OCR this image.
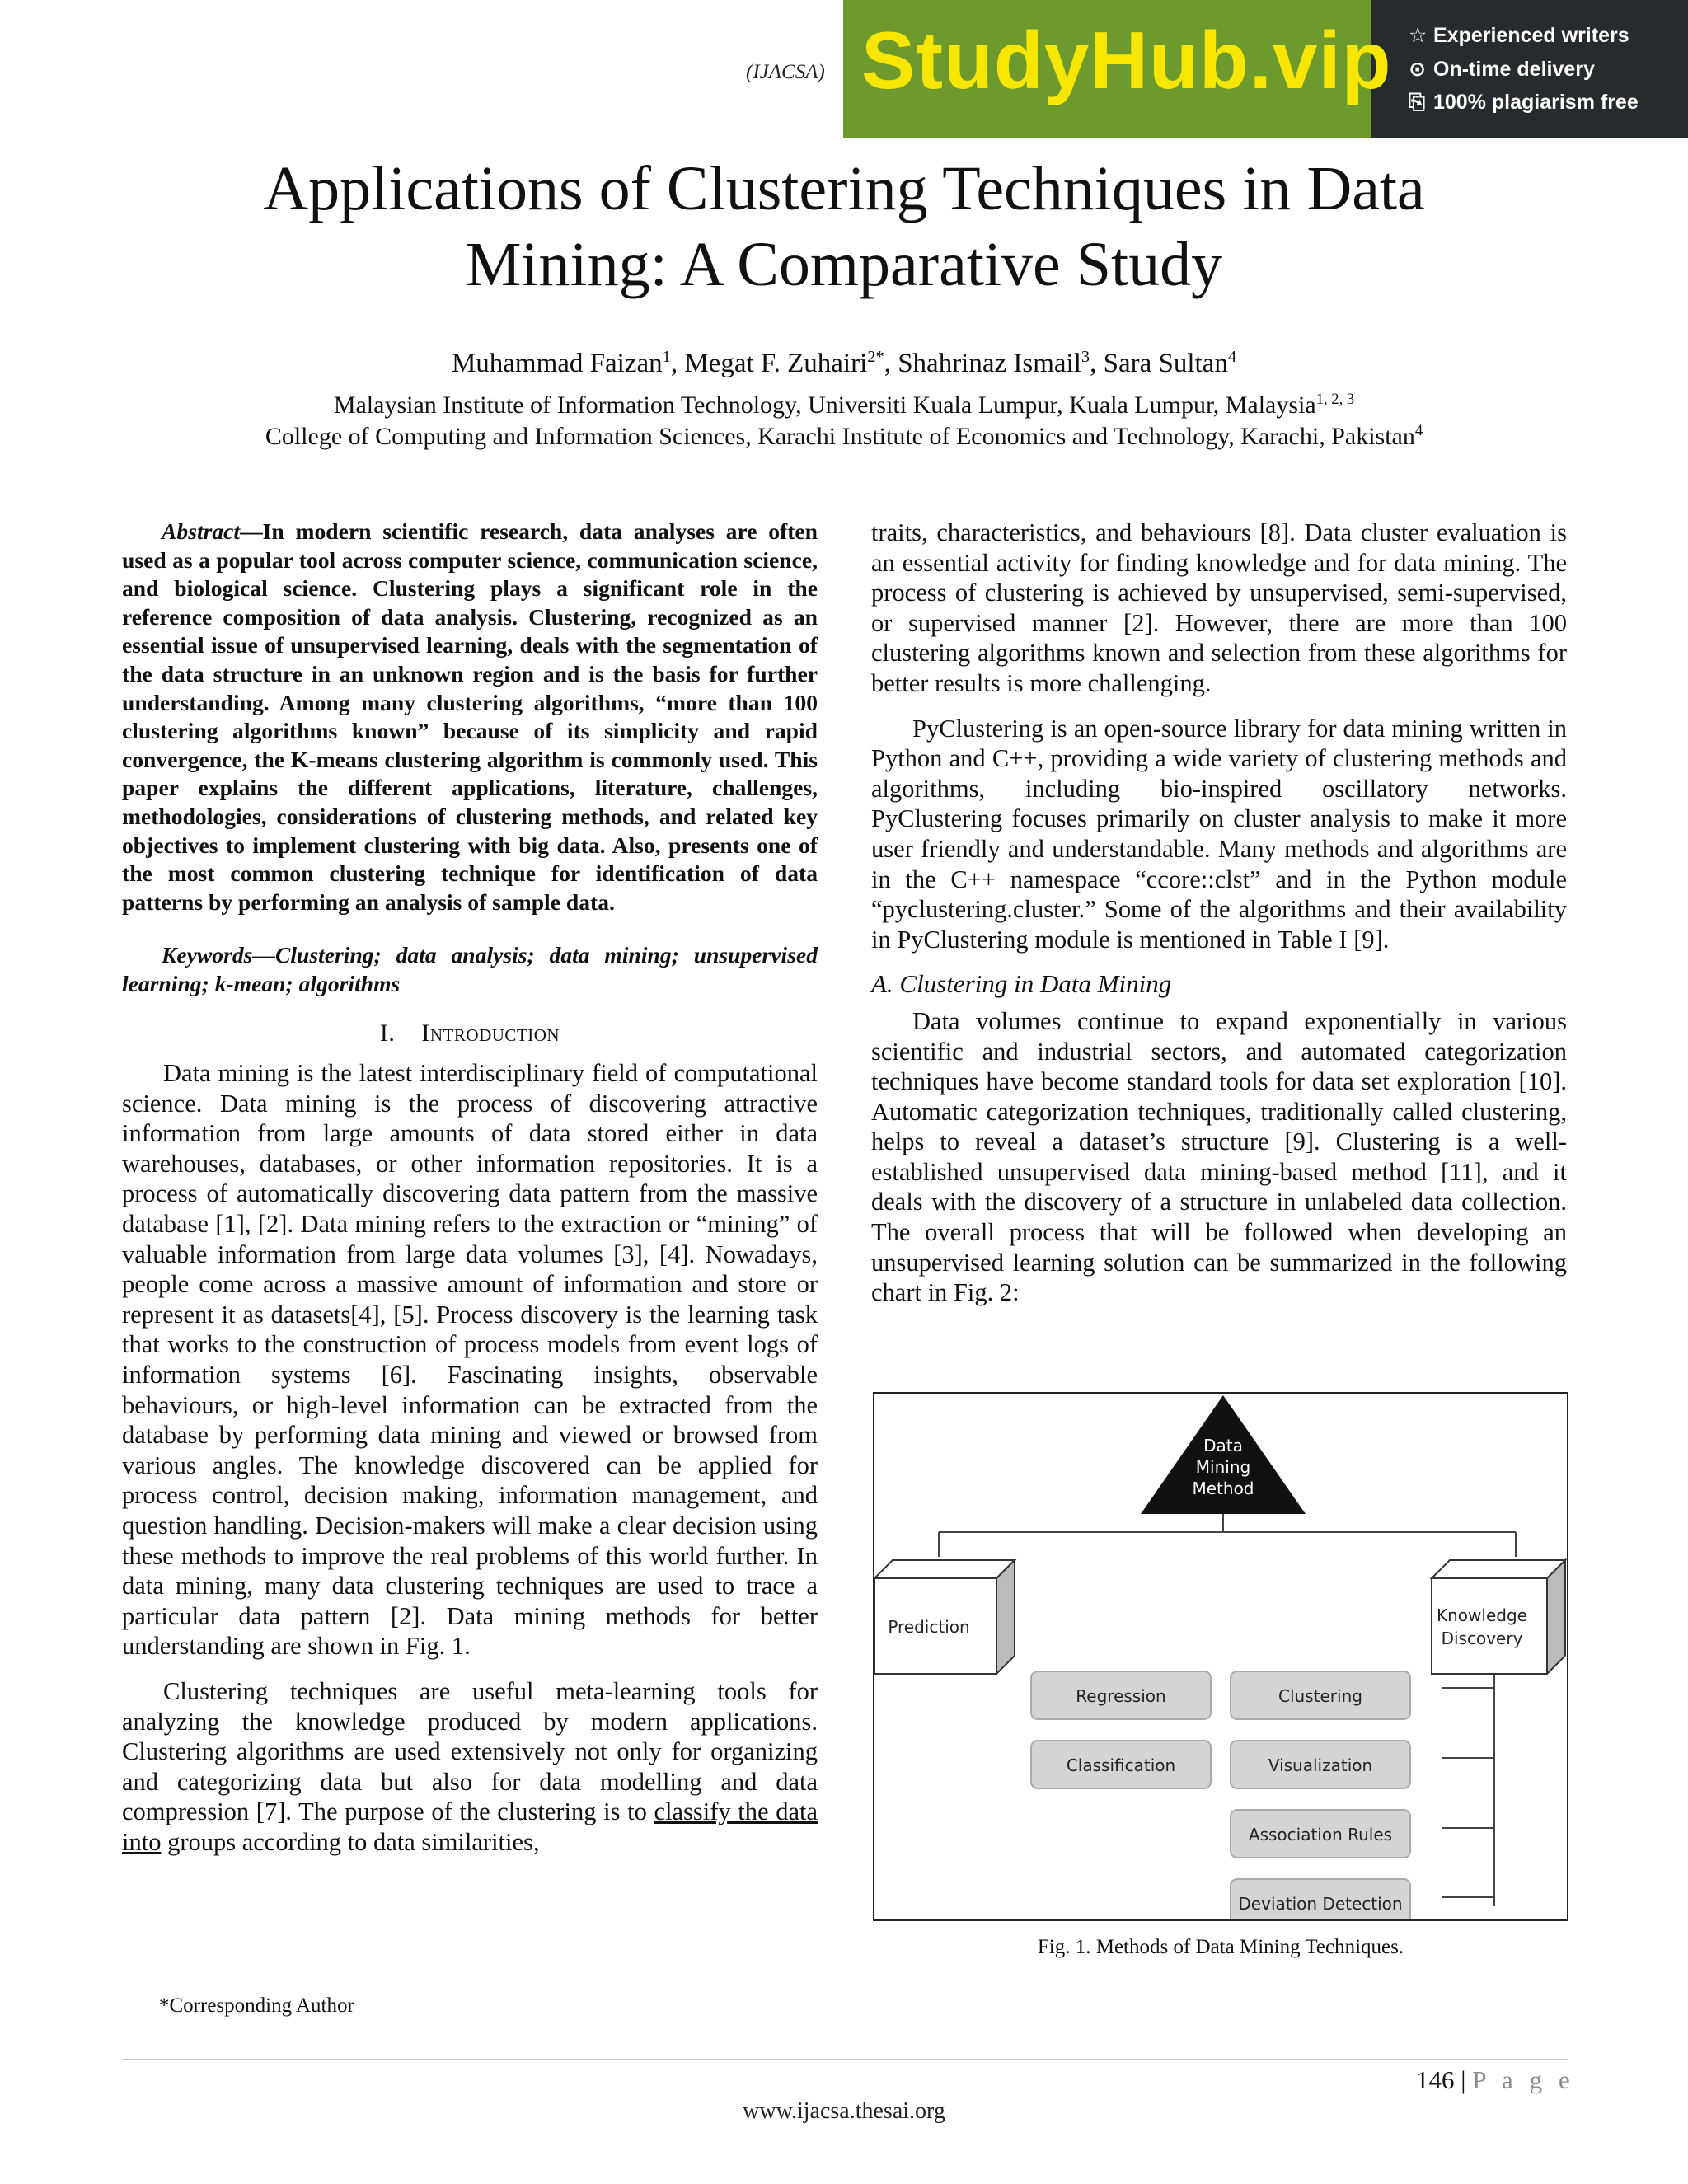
(IJACSA) StudyHub.vip ☆ Experienced writers
⊙ On-time delivery
⎘ 100% plagiarism free
Applications of Clustering Techniques in Data
Mining: A Comparative Study
Muhammad Faizan$^1$, Megat F. Zuhairi$^{2*}$, Shahrinaz Ismail$^3$, Sara Sultan$^4$
Malaysian Institute of Information Technology, Universiti Kuala Lumpur, Kuala Lumpur, Malaysia$^{1, 2, 3}$
College of Computing and Information Sciences, Karachi Institute of Economics and Technology, Karachi, Pakistan$^4$

Abstract—In modern scientific research, data analyses are often used as a popular tool across computer science, communication science, and biological science. Clustering plays a significant role in the reference composition of data analysis. Clustering, recognized as an essential issue of unsupervised learning, deals with the segmentation of the data structure in an unknown region and is the basis for further understanding. Among many clustering algorithms, “more than 100 clustering algorithms known” because of its simplicity and rapid convergence, the K-means clustering algorithm is commonly used. This paper explains the different applications, literature, challenges, methodologies, considerations of clustering methods, and related key objectives to implement clustering with big data. Also, presents one of the most common clustering technique for identification of data patterns by performing an analysis of sample data.

Keywords—Clustering; data analysis; data mining; unsupervised learning; k-mean; algorithms

I. Introduction

Data mining is the latest interdisciplinary field of computational science. Data mining is the process of discovering attractive information from large amounts of data stored either in data warehouses, databases, or other information repositories. It is a process of automatically discovering data pattern from the massive database [1], [2]. Data mining refers to the extraction or “mining” of valuable information from large data volumes [3], [4]. Nowadays, people come across a massive amount of information and store or represent it as datasets[4], [5]. Process discovery is the learning task that works to the construction of process models from event logs of information systems [6]. Fascinating insights, observable behaviours, or high-level information can be extracted from the database by performing data mining and viewed or browsed from various angles. The knowledge discovered can be applied for process control, decision making, information management, and question handling. Decision-makers will make a clear decision using these methods to improve the real problems of this world further. In data mining, many data clustering techniques are used to trace a particular data pattern [2]. Data mining methods for better understanding are shown in Fig. 1.

Clustering techniques are useful meta-learning tools for analyzing the knowledge produced by modern applications. Clustering algorithms are used extensively not only for organizing and categorizing data but also for data modelling and data compression [7]. The purpose of the clustering is to classify the data into groups according to data similarities,

*Corresponding Author

traits, characteristics, and behaviours [8]. Data cluster evaluation is an essential activity for finding knowledge and for data mining. The process of clustering is achieved by unsupervised, semi-supervised, or supervised manner [2]. However, there are more than 100 clustering algorithms known and selection from these algorithms for better results is more challenging.

PyClustering is an open-source library for data mining written in Python and C++, providing a wide variety of clustering methods and algorithms, including bio-inspired oscillatory networks. PyClustering focuses primarily on cluster analysis to make it more user friendly and understandable. Many methods and algorithms are in the C++ namespace “ccore::clst” and in the Python module “pyclustering.cluster.” Some of the algorithms and their availability in PyClustering module is mentioned in Table I [9].

A. Clustering in Data Mining

Data volumes continue to expand exponentially in various scientific and industrial sectors, and automated categorization techniques have become standard tools for data set exploration [10]. Automatic categorization techniques, traditionally called clustering, helps to reveal a dataset’s structure [9]. Clustering is a well-established unsupervised data mining-based method [11], and it deals with the discovery of a structure in unlabeled data collection. The overall process that will be followed when developing an unsupervised learning solution can be summarized in the following chart in Fig. 2:

Data
Mining
Method
Prediction
Knowledge
Discovery
Regression
Classification
Clustering
Visualization
Association Rules
Deviation Detection
Fig. 1. Methods of Data Mining Techniques.
146 | P a g e
www.ijacsa.thesai.org
